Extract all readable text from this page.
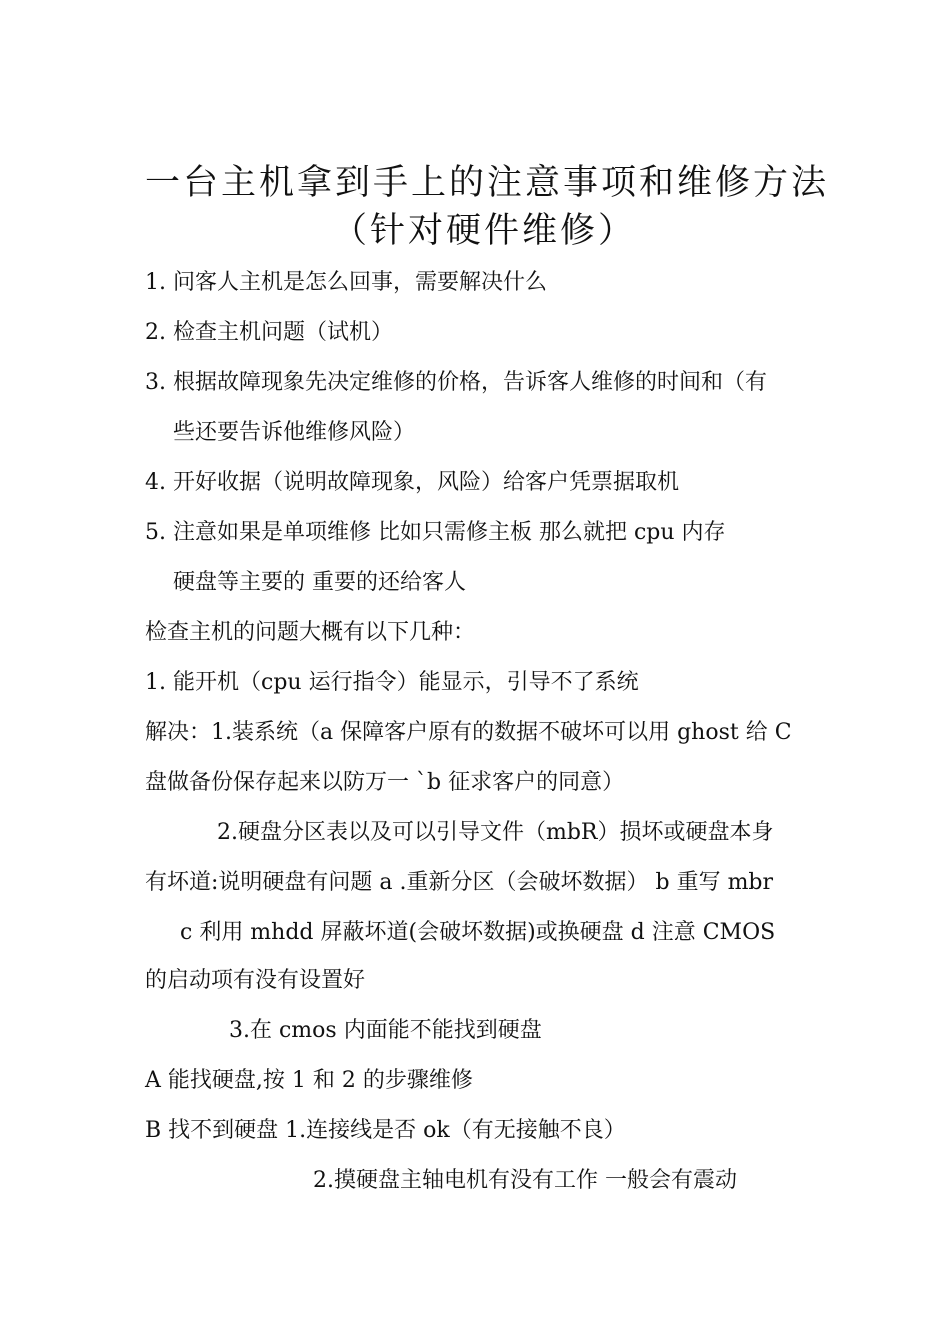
一台主机拿到手上的注意事项和维修方法
（针对硬件维修）
1. 问客人主机是怎么回事，需要解决什么
2. 检查主机问题（试机）
3. 根据故障现象先决定维修的价格，告诉客人维修的时间和（有
些还要告诉他维修风险）
4. 开好收据（说明故障现象，风险）给客户凭票据取机
5. 注意如果是单项维修 比如只需修主板 那么就把 cpu 内存
硬盘等主要的 重要的还给客人
检查主机的问题大概有以下几种：
1. 能开机（cpu 运行指令）能显示，引导不了系统
解决：1.装系统（a 保障客户原有的数据不破坏可以用 ghost 给 C
盘做备份保存起来以防万一 `b 征求客户的同意）
2.硬盘分区表以及可以引导文件（mbR）损坏或硬盘本身
有坏道:说明硬盘有问题 a .重新分区（会破坏数据） b 重写 mbr
c 利用 mhdd 屏蔽坏道(会破坏数据)或换硬盘 d 注意 CMOS
的启动项有没有设置好
3.在 cmos 内面能不能找到硬盘
A 能找硬盘,按 1 和 2 的步骤维修
B 找不到硬盘 1.连接线是否 ok（有无接触不良）
2.摸硬盘主轴电机有没有工作 一般会有震动
